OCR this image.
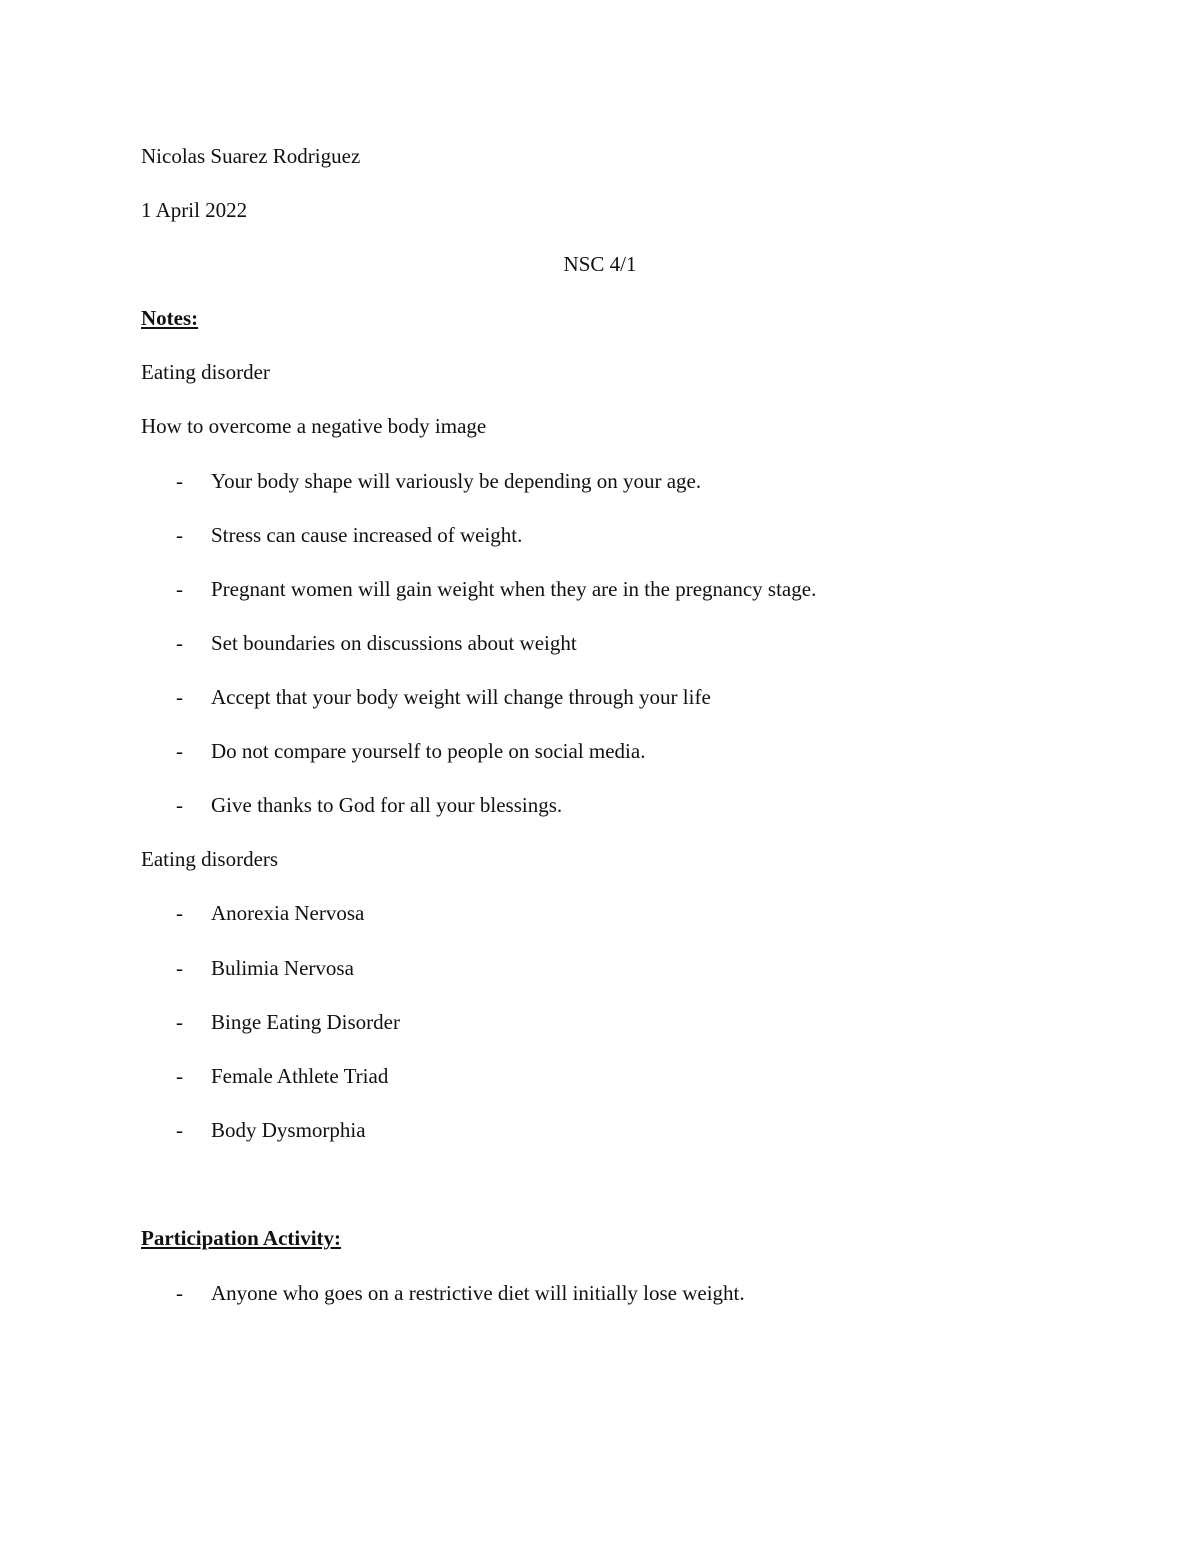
Nicolas Suarez Rodriguez
1 April 2022
NSC 4/1
Notes:
Eating disorder
How to overcome a negative body image
- Your body shape will variously be depending on your age.
- Stress can cause increased of weight.
- Pregnant women will gain weight when they are in the pregnancy stage.
- Set boundaries on discussions about weight
- Accept that your body weight will change through your life
- Do not compare yourself to people on social media.
- Give thanks to God for all your blessings.
Eating disorders
- Anorexia Nervosa
- Bulimia Nervosa
- Binge Eating Disorder
- Female Athlete Triad
- Body Dysmorphia
Participation Activity:
- Anyone who goes on a restrictive diet will initially lose weight.
